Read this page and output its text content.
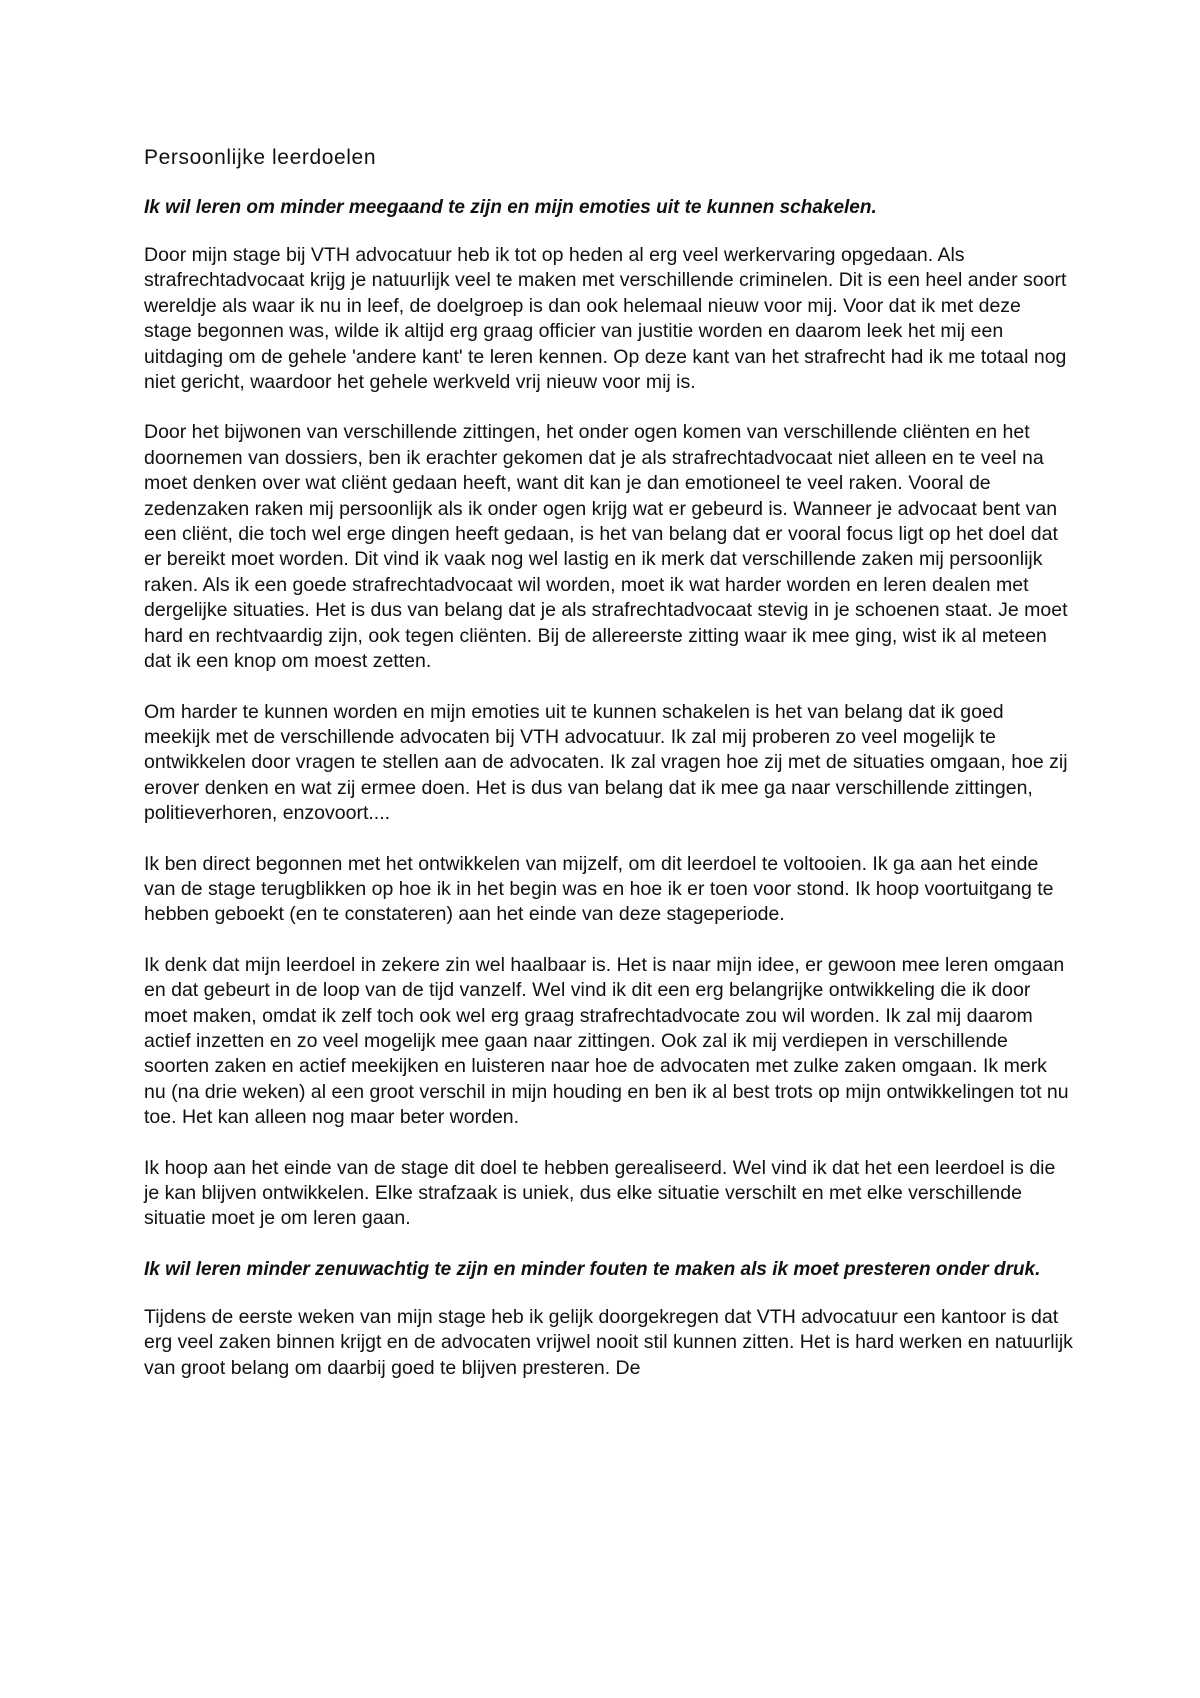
Persoonlijke leerdoelen

Ik wil leren om minder meegaand te zijn en mijn emoties uit te kunnen schakelen.

Door mijn stage bij VTH advocatuur heb ik tot op heden al erg veel werkervaring opgedaan. Als strafrechtadvocaat krijg je natuurlijk veel te maken met verschillende criminelen. Dit is een heel ander soort wereldje als waar ik nu in leef, de doelgroep is dan ook helemaal nieuw voor mij. Voor dat ik met deze stage begonnen was, wilde ik altijd erg graag officier van justitie worden en daarom leek het mij een uitdaging om de gehele 'andere kant' te leren kennen. Op deze kant van het strafrecht had ik me totaal nog niet gericht, waardoor het gehele werkveld vrij nieuw voor mij is.

Door het bijwonen van verschillende zittingen, het onder ogen komen van verschillende cliënten en het doornemen van dossiers, ben ik erachter gekomen dat je als strafrechtadvocaat niet alleen en te veel na moet denken over wat cliënt gedaan heeft, want dit kan je dan emotioneel te veel raken. Vooral de zedenzaken raken mij persoonlijk als ik onder ogen krijg wat er gebeurd is. Wanneer je advocaat bent van een cliënt, die toch wel erge dingen heeft gedaan, is het van belang dat er vooral focus ligt op het doel dat er bereikt moet worden. Dit vind ik vaak nog wel lastig en ik merk dat verschillende zaken mij persoonlijk raken. Als ik een goede strafrechtadvocaat wil worden, moet ik wat harder worden en leren dealen met dergelijke situaties. Het is dus van belang dat je als strafrechtadvocaat stevig in je schoenen staat. Je moet hard en rechtvaardig zijn, ook tegen cliënten. Bij de allereerste zitting waar ik mee ging, wist ik al meteen dat ik een knop om moest zetten.

Om harder te kunnen worden en mijn emoties uit te kunnen schakelen is het van belang dat ik goed meekijk met de verschillende advocaten bij VTH advocatuur. Ik zal mij proberen zo veel mogelijk te ontwikkelen door vragen te stellen aan de advocaten. Ik zal vragen hoe zij met de situaties omgaan, hoe zij erover denken en wat zij ermee doen. Het is dus van belang dat ik mee ga naar verschillende zittingen, politieverhoren, enzovoort....

Ik ben direct begonnen met het ontwikkelen van mijzelf, om dit leerdoel te voltooien. Ik ga aan het einde van de stage terugblikken op hoe ik in het begin was en hoe ik er toen voor stond. Ik hoop voortuitgang te hebben geboekt (en te constateren) aan het einde van deze stageperiode.

Ik denk dat mijn leerdoel in zekere zin wel haalbaar is. Het is naar mijn idee, er gewoon mee leren omgaan en dat gebeurt in de loop van de tijd vanzelf. Wel vind ik dit een erg belangrijke ontwikkeling die ik door moet maken, omdat ik zelf toch ook wel erg graag strafrechtadvocate zou wil worden. Ik zal mij daarom actief inzetten en zo veel mogelijk mee gaan naar zittingen. Ook zal ik mij verdiepen in verschillende soorten zaken en actief meekijken en luisteren naar hoe de advocaten met zulke zaken omgaan. Ik merk nu (na drie weken) al een groot verschil in mijn houding en ben ik al best trots op mijn ontwikkelingen tot nu toe. Het kan alleen nog maar beter worden.

Ik hoop aan het einde van de stage dit doel te hebben gerealiseerd. Wel vind ik dat het een leerdoel is die je kan blijven ontwikkelen. Elke strafzaak is uniek, dus elke situatie verschilt en met elke verschillende situatie moet je om leren gaan.

Ik wil leren minder zenuwachtig te zijn en minder fouten te maken als ik moet presteren onder druk.

Tijdens de eerste weken van mijn stage heb ik gelijk doorgekregen dat VTH advocatuur een kantoor is dat erg veel zaken binnen krijgt en de advocaten vrijwel nooit stil kunnen zitten. Het is hard werken en natuurlijk van groot belang om daarbij goed te blijven presteren. De
